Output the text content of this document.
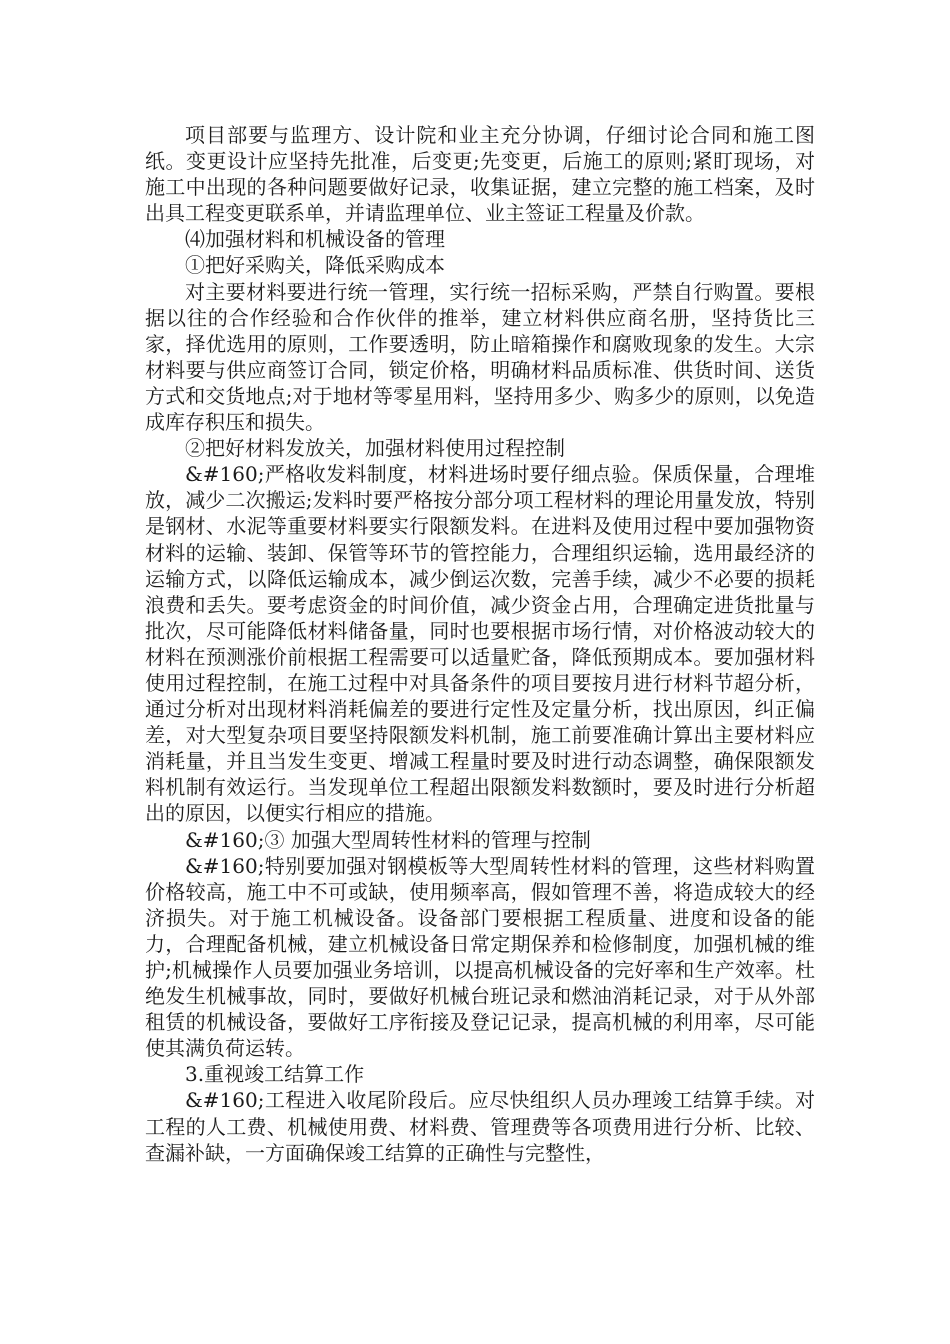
项目部要与监理方、设计院和业主充分协调，仔细讨论合同和施工图纸。变更设计应坚持先批准，后变更;先变更，后施工的原则;紧盯现场，对施工中出现的各种问题要做好记录，收集证据，建立完整的施工档案，及时出具工程变更联系单，并请监理单位、业主签证工程量及价款。

⑷加强材料和机械设备的管理

①把好采购关，降低采购成本

对主要材料要进行统一管理，实行统一招标采购，严禁自行购置。要根据以往的合作经验和合作伙伴的推举，建立材料供应商名册，坚持货比三家，择优选用的原则，工作要透明，防止暗箱操作和腐败现象的发生。大宗材料要与供应商签订合同，锁定价格，明确材料品质标准、供货时间、送货方式和交货地点;对于地材等零星用料，坚持用多少、购多少的原则，以免造成库存积压和损失。

②把好材料发放关，加强材料使用过程控制

&#160;严格收发料制度，材料进场时要仔细点验。保质保量，合理堆放，减少二次搬运;发料时要严格按分部分项工程材料的理论用量发放，特别是钢材、水泥等重要材料要实行限额发料。在进料及使用过程中要加强物资材料的运输、装卸、保管等环节的管控能力，合理组织运输，选用最经济的运输方式，以降低运输成本，减少倒运次数，完善手续，减少不必要的损耗浪费和丢失。要考虑资金的时间价值，减少资金占用，合理确定进货批量与批次，尽可能降低材料储备量，同时也要根据市场行情，对价格波动较大的材料在预测涨价前根据工程需要可以适量贮备，降低预期成本。要加强材料使用过程控制，在施工过程中对具备条件的项目要按月进行材料节超分析，通过分析对出现材料消耗偏差的要进行定性及定量分析，找出原因，纠正偏差，对大型复杂项目要坚持限额发料机制，施工前要准确计算出主要材料应消耗量，并且当发生变更、增减工程量时要及时进行动态调整，确保限额发料机制有效运行。当发现单位工程超出限额发料数额时，要及时进行分析超出的原因，以便实行相应的措施。

&#160;③ 加强大型周转性材料的管理与控制

&#160;特别要加强对钢模板等大型周转性材料的管理，这些材料购置价格较高，施工中不可或缺，使用频率高，假如管理不善，将造成较大的经济损失。对于施工机械设备。设备部门要根据工程质量、进度和设备的能力，合理配备机械，建立机械设备日常定期保养和检修制度，加强机械的维护;机械操作人员要加强业务培训，以提高机械设备的完好率和生产效率。杜绝发生机械事故，同时，要做好机械台班记录和燃油消耗记录，对于从外部租赁的机械设备，要做好工序衔接及登记记录，提高机械的利用率，尽可能使其满负荷运转。

3.重视竣工结算工作

&#160;工程进入收尾阶段后。应尽快组织人员办理竣工结算手续。对工程的人工费、机械使用费、材料费、管理费等各项费用进行分析、比较、查漏补缺，一方面确保竣工结算的正确性与完整性，
